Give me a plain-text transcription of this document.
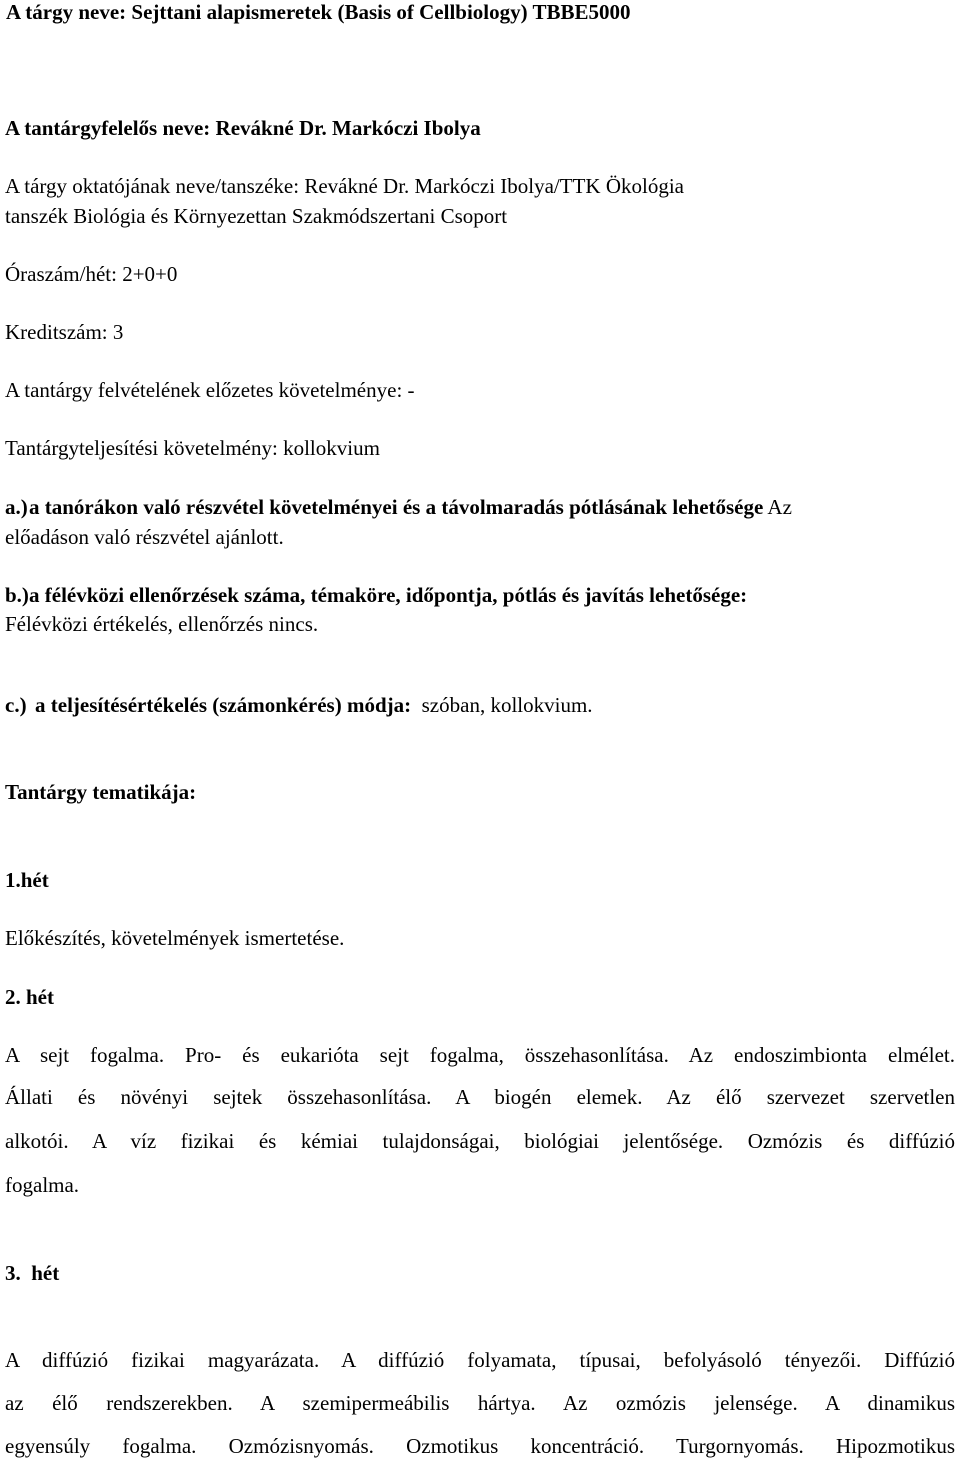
A tárgy neve: Sejttani alapismeretek (Basis of Cellbiology) TBBE5000
A tantárgyfelelős neve: Revákné Dr. Markóczi Ibolya
A tárgy oktatójának neve/tanszéke: Revákné Dr. Markóczi Ibolya/TTK Ökológia
tanszék Biológia és Környezettan Szakmódszertani Csoport
Óraszám/hét: 2+0+0
Kreditszám: 3
A tantárgy felvételének előzetes követelménye: -
Tantárgyteljesítési követelmény: kollokvium
a.)a tanórákon való részvétel követelményei és a távolmaradás pótlásának lehetősége Az
előadáson való részvétel ajánlott.
b.)a félévközi ellenőrzések száma, témaköre, időpontja, pótlás és javítás lehetősége:
Félévközi értékelés, ellenőrzés nincs.
c.) a teljesítésértékelés (számonkérés) módja: szóban, kollokvium.
Tantárgy tematikája:
1.hét
Előkészítés, követelmények ismertetése.
2. hét
A sejt fogalma. Pro- és eukarióta sejt fogalma, összehasonlítása. Az endoszimbionta elmélet.
Állati és növényi sejtek összehasonlítása. A biogén elemek. Az élő szervezet szervetlen
alkotói. A víz fizikai és kémiai tulajdonságai, biológiai jelentősége. Ozmózis és diffúzió
fogalma.
3.  hét
A diffúzió fizikai magyarázata. A diffúzió folyamata, típusai, befolyásoló tényezői. Diffúzió
az élő rendszerekben. A szemipermeábilis hártya. Az ozmózis jelensége. A dinamikus
egyensúly fogalma. Ozmózisnyomás. Ozmotikus koncentráció. Turgornyomás. Hipozmotikus
